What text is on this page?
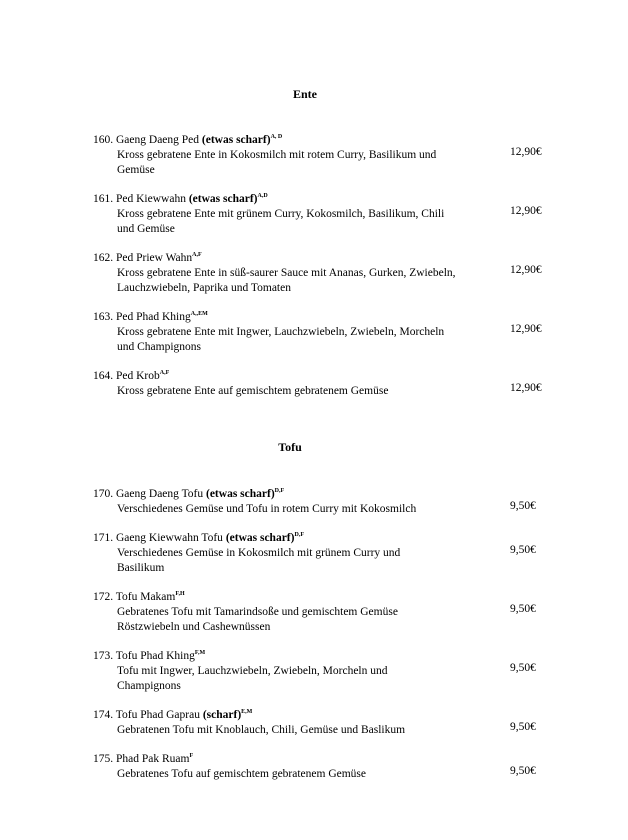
Ente
160. Gaeng Daeng Ped (etwas scharf)$^{A, D}$
Kross gebratene Ente in Kokosmilch mit rotem Curry, Basilikum und Gemüse
12,90€
161. Ped Kiewwahn (etwas scharf)$^{A,D}$
Kross gebratene Ente mit grünem Curry, Kokosmilch, Basilikum, Chili und Gemüse
12,90€
162. Ped Priew Wahn$^{A,F}$
Kross gebratene Ente in süß-saurer Sauce mit Ananas, Gurken, Zwiebeln, Lauchzwiebeln, Paprika und Tomaten
12,90€
163. Ped Phad Khing$^{A,,EM}$
Kross gebratene Ente mit Ingwer, Lauchzwiebeln, Zwiebeln, Morcheln und Champignons
12,90€
164. Ped Krob$^{A,F}$
Kross gebratene Ente auf gemischtem gebratenem Gemüse	12,90€
Tofu
170. Gaeng Daeng Tofu (etwas scharf)$^{D,F}$
Verschiedenes Gemüse und Tofu in rotem Curry mit Kokosmilch	9,50€
171. Gaeng Kiewwahn Tofu (etwas scharf)$^{D,F}$
Verschiedenes Gemüse in Kokosmilch mit grünem Curry und Basilikum
9,50€
172. Tofu Makam$^{F,H}$
Gebratenes Tofu mit Tamarindsoße und gemischtem Gemüse Röstzwiebeln und Cashewnüssen
9,50€
173. Tofu Phad Khing$^{F,M}$
Tofu mit Ingwer, Lauchzwiebeln, Zwiebeln, Morcheln und Champignons
9,50€
174. Tofu Phad Gaprau (scharf)$^{E,M}$
Gebratenen Tofu mit Knoblauch, Chili, Gemüse und Baslikum	9,50€
175. Phad Pak Ruam$^F$
Gebratenes Tofu auf gemischtem gebratenem Gemüse	9,50€
